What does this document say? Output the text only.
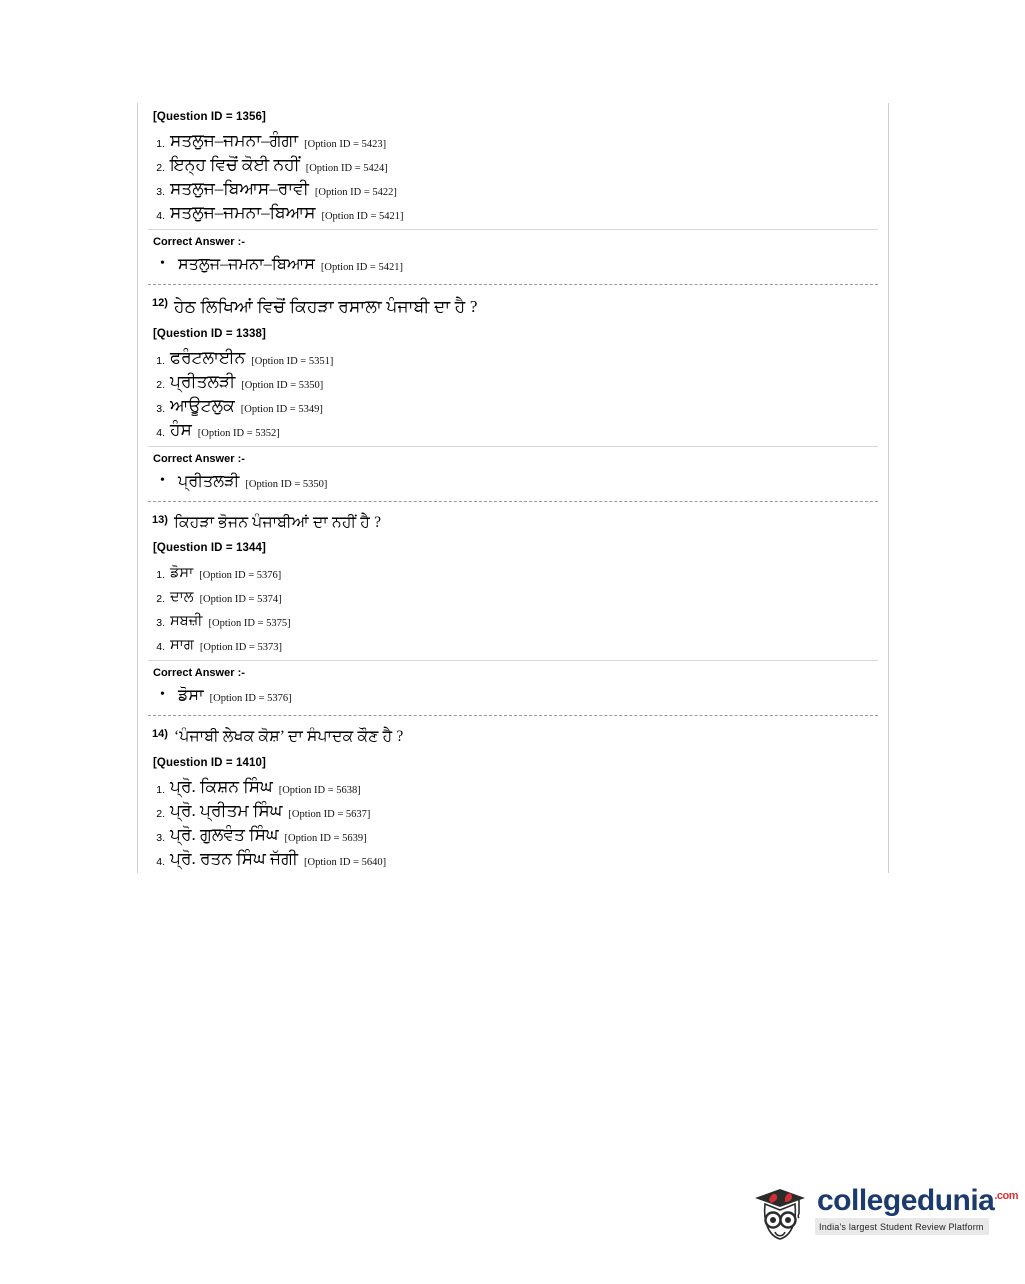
[Question ID = 1356]
1. ਸਤਲੁਜ–ਜਮਨਾ–ਗੰਗਾ [Option ID = 5423]
2. ਇਨ੍ਹ ਵਿਚੋਂ ਕੋਈ ਨਹੀਂ [Option ID = 5424]
3. ਸਤਲੁਜ–ਬਿਆਸ–ਰਾਵੀ [Option ID = 5422]
4. ਸਤਲੁਜ–ਜਮਨਾ–ਬਿਆਸ [Option ID = 5421]
Correct Answer :-
• ਸਤਲੁਜ–ਜਮਨਾ–ਬਿਆਸ [Option ID = 5421]
12) ਹੇਠ ਲਿਖਿਆਂ ਵਿਚੋਂ ਕਿਹੜਾ ਰਸਾਲਾ ਪੰਜਾਬੀ ਦਾ ਹੈ ?
[Question ID = 1338]
1. ਫਰੰਟਲਾਈਨ [Option ID = 5351]
2. ਪ੍ਰੀਤਲੜੀ [Option ID = 5350]
3. ਆਊਟਲੁਕ [Option ID = 5349]
4. ਹੰਸ [Option ID = 5352]
Correct Answer :-
• ਪ੍ਰੀਤਲੜੀ [Option ID = 5350]
13) ਕਿਹੜਾ ਭੋਜਨ ਪੰਜਾਬੀਆਂ ਦਾ ਨਹੀਂ ਹੈ ?
[Question ID = 1344]
1. ਡੋਸਾ [Option ID = 5376]
2. ਦਾਲ [Option ID = 5374]
3. ਸਬਜ਼ੀ [Option ID = 5375]
4. ਸਾਗ [Option ID = 5373]
Correct Answer :-
• ਡੋਸਾ [Option ID = 5376]
14) ‘ਪੰਜਾਬੀ ਲੇਖਕ ਕੋਸ਼’ ਦਾ ਸੰਪਾਦਕ ਕੌਣ ਹੈ ?
[Question ID = 1410]
1. ਪ੍ਰੋ. ਕਿਸ਼ਨ ਸਿੰਘ [Option ID = 5638]
2. ਪ੍ਰੋ. ਪ੍ਰੀਤਮ ਸਿੰਘ [Option ID = 5637]
3. ਪ੍ਰੋ. ਗੁਲਵੰਤ ਸਿੰਘ [Option ID = 5639]
4. ਪ੍ਰੋ. ਰਤਨ ਸਿੰਘ ਜੱਗੀ [Option ID = 5640]
collegedunia$^{.com}$
India's largest Student Review Platform
